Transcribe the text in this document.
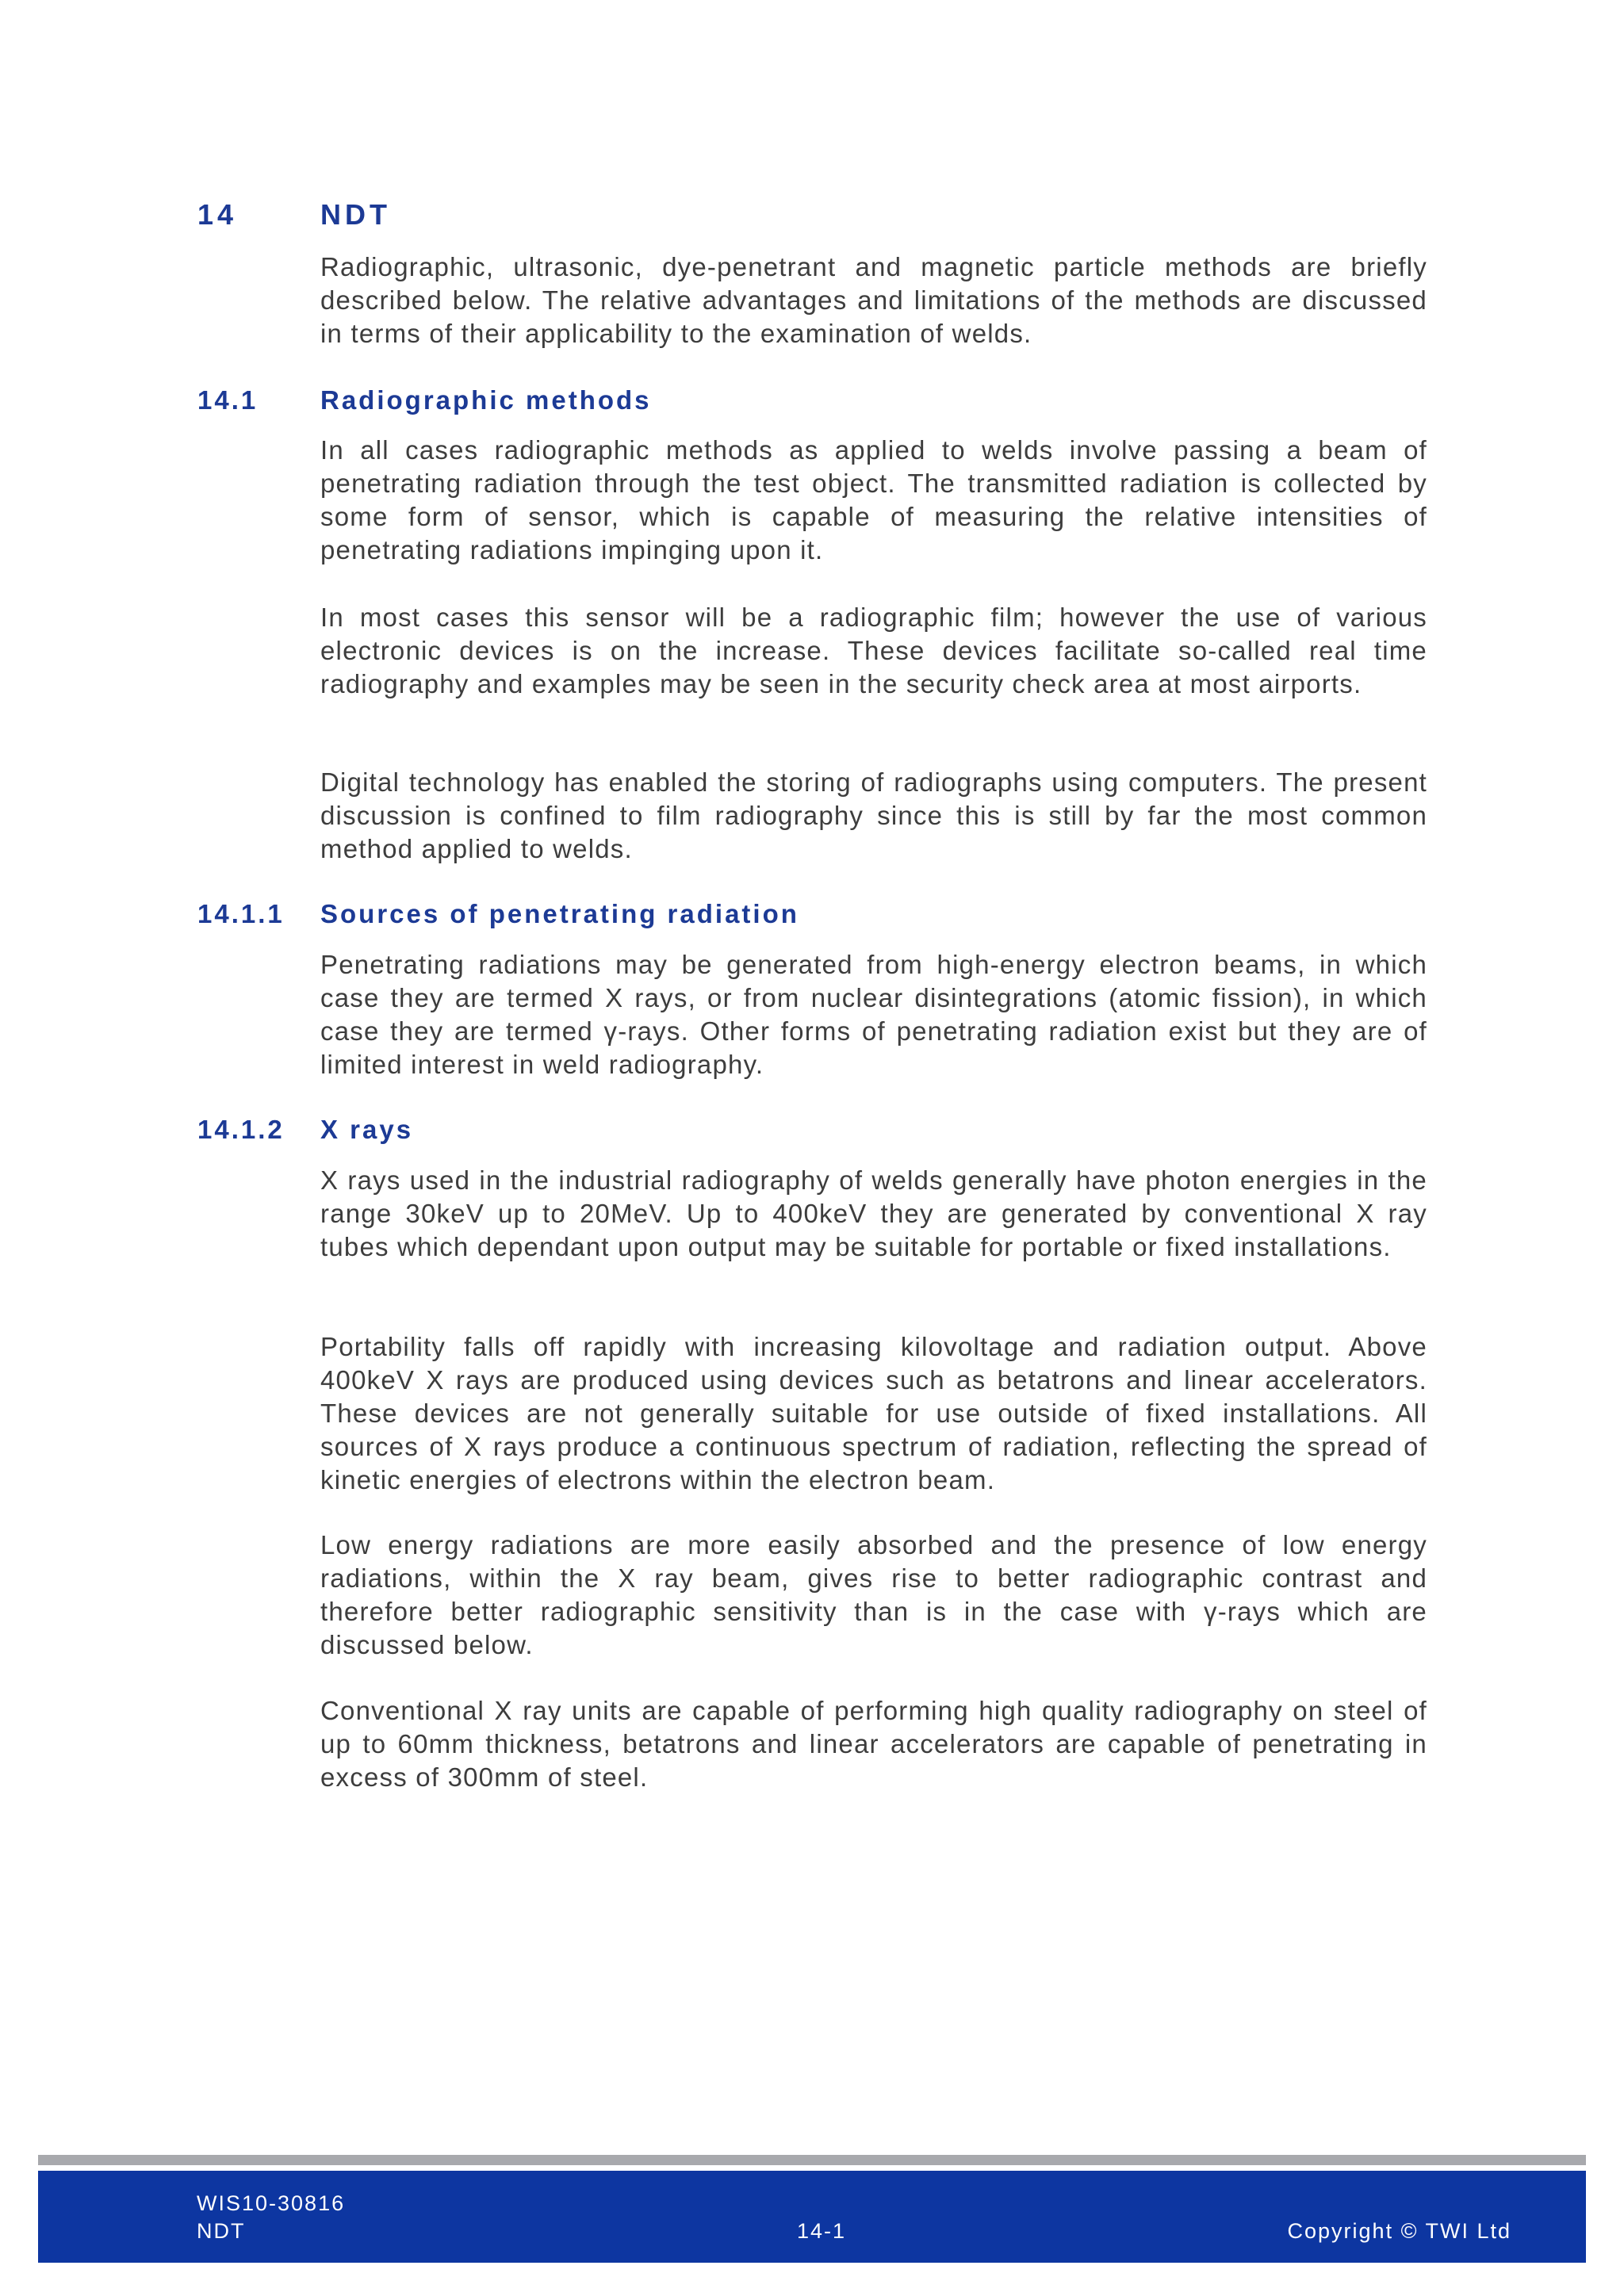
14	NDT

Radiographic, ultrasonic, dye-penetrant and magnetic particle methods are briefly described below. The relative advantages and limitations of the methods are discussed in terms of their applicability to the examination of welds.

14.1 Radiographic methods

In all cases radiographic methods as applied to welds involve passing a beam of penetrating radiation through the test object. The transmitted radiation is collected by some form of sensor, which is capable of measuring the relative intensities of penetrating radiations impinging upon it.

In most cases this sensor will be a radiographic film; however the use of various electronic devices is on the increase. These devices facilitate so-called real time radiography and examples may be seen in the security check area at most airports.

Digital technology has enabled the storing of radiographs using computers. The present discussion is confined to film radiography since this is still by far the most common method applied to welds.

14.1.1 Sources of penetrating radiation

Penetrating radiations may be generated from high-energy electron beams, in which case they are termed X rays, or from nuclear disintegrations (atomic fission), in which case they are termed γ-rays. Other forms of penetrating radiation exist but they are of limited interest in weld radiography.

14.1.2 X rays

X rays used in the industrial radiography of welds generally have photon energies in the range 30keV up to 20MeV. Up to 400keV they are generated by conventional X ray tubes which dependant upon output may be suitable for portable or fixed installations.

Portability falls off rapidly with increasing kilovoltage and radiation output. Above 400keV X rays are produced using devices such as betatrons and linear accelerators. These devices are not generally suitable for use outside of fixed installations. All sources of X rays produce a continuous spectrum of radiation, reflecting the spread of kinetic energies of electrons within the electron beam.

Low energy radiations are more easily absorbed and the presence of low energy radiations, within the X ray beam, gives rise to better radiographic contrast and therefore better radiographic sensitivity than is in the case with γ-rays which are discussed below.

Conventional X ray units are capable of performing high quality radiography on steel of up to 60mm thickness, betatrons and linear accelerators are capable of penetrating in excess of 300mm of steel.

WIS10-30816
NDT	14-1	Copyright © TWI Ltd
